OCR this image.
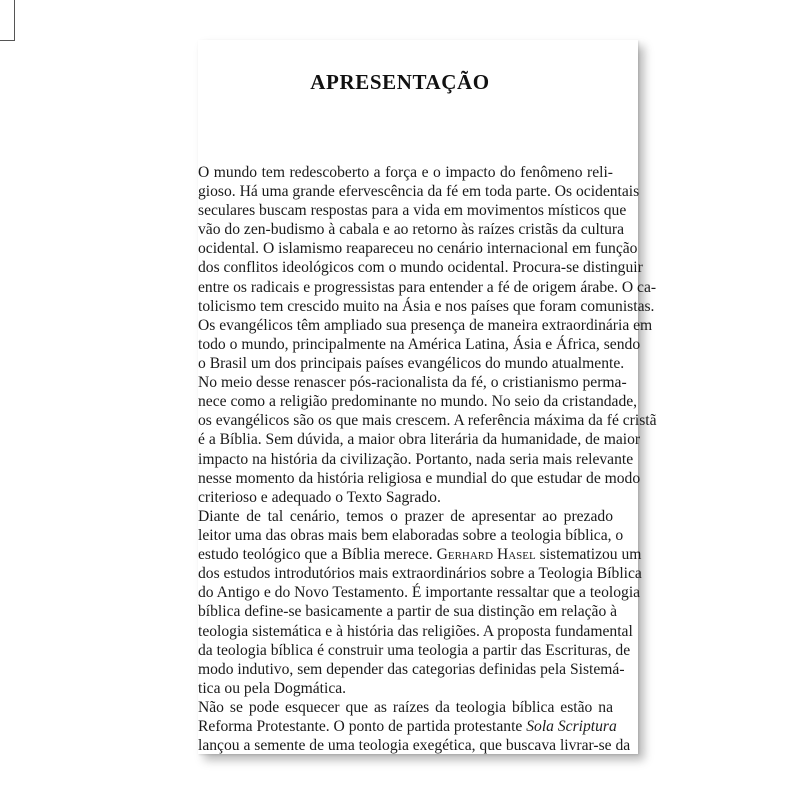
APRESENTAÇÃO

O mundo tem redescoberto a força e o impacto do fenômeno reli-
gioso. Há uma grande efervescência da fé em toda parte. Os ocidentais
seculares buscam respostas para a vida em movimentos místicos que
vão do zen-budismo à cabala e ao retorno às raízes cristãs da cultura
ocidental. O islamismo reapareceu no cenário internacional em função
dos conflitos ideológicos com o mundo ocidental. Procura-se distinguir
entre os radicais e progressistas para entender a fé de origem árabe. O ca-
tolicismo tem crescido muito na Ásia e nos países que foram comunistas.
Os evangélicos têm ampliado sua presença de maneira extraordinária em
todo o mundo, principalmente na América Latina, Ásia e África, sendo
o Brasil um dos principais países evangélicos do mundo atualmente.

No meio desse renascer pós-racionalista da fé, o cristianismo perma-
nece como a religião predominante no mundo. No seio da cristandade,
os evangélicos são os que mais crescem. A referência máxima da fé cristã
é a Bíblia. Sem dúvida, a maior obra literária da humanidade, de maior
impacto na história da civilização. Portanto, nada seria mais relevante
nesse momento da história religiosa e mundial do que estudar de modo
criterioso e adequado o Texto Sagrado.

Diante de tal cenário, temos o prazer de apresentar ao prezado
leitor uma das obras mais bem elaboradas sobre a teologia bíblica, o
estudo teológico que a Bíblia merece. Gerhard Hasel sistematizou um
dos estudos introdutórios mais extraordinários sobre a Teologia Bíblica
do Antigo e do Novo Testamento. É importante ressaltar que a teologia
bíblica define-se basicamente a partir de sua distinção em relação à
teologia sistemática e à história das religiões. A proposta fundamental
da teologia bíblica é construir uma teologia a partir das Escrituras, de
modo indutivo, sem depender das categorias definidas pela Sistemá-
tica ou pela Dogmática.

Não se pode esquecer que as raízes da teologia bíblica estão na
Reforma Protestante. O ponto de partida protestante Sola Scriptura
lançou a semente de uma teologia exegética, que buscava livrar-se da
